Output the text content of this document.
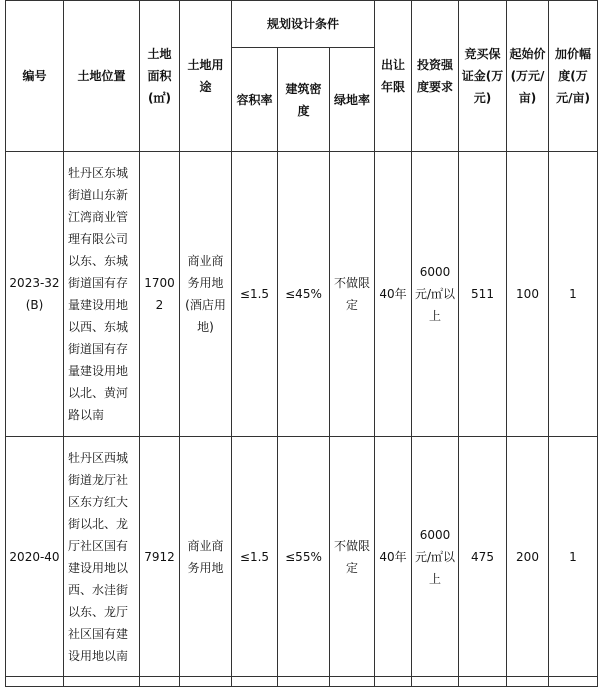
编号	土地位置	土地面积(㎡)	土地用途	规划设计条件			出让年限	投资强度要求	竞买保证金(万元)	起始价(万元/亩)	加价幅度(万元/亩)
				容积率	建筑密度	绿地率					
2023-32(B)	牡丹区东城街道山东新江湾商业管理有限公司以东、东城街道国有存量建设用地以西、东城街道国有存量建设用地以北、黄河路以南	17002	商业商务用地(酒店用地)	≤1.5	≤45%	不做限定	40年	6000元/㎡以上	511	100	1
2020-40	牡丹区西城街道龙厅社区东方红大街以北、龙厅社区国有建设用地以西、水洼街以东、龙厅社区国有建设用地以南	7912	商业商务用地	≤1.5	≤55%	不做限定	40年	6000元/㎡以上	475	200	1
